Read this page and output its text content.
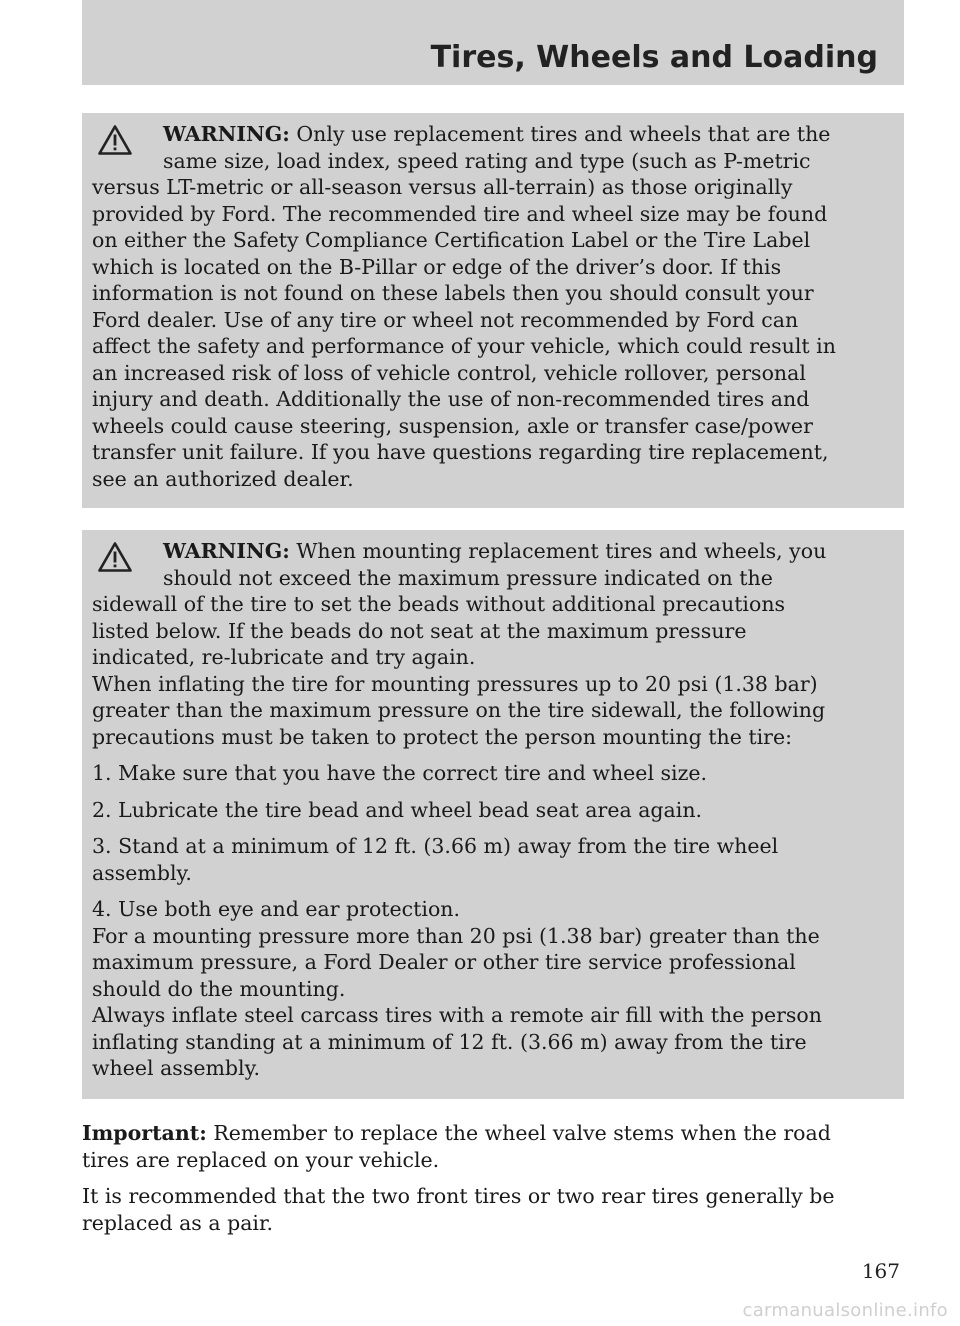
Tires, Wheels and Loading

WARNING: Only use replacement tires and wheels that are the

same size, load index, speed rating and type (such as P-metric

versus LT-metric or all-season versus all-terrain) as those originally

provided by Ford. The recommended tire and wheel size may be found

on either the Safety Compliance Certification Label or the Tire Label

which is located on the B-Pillar or edge of the driver’s door. If this

information is not found on these labels then you should consult your

Ford dealer. Use of any tire or wheel not recommended by Ford can

affect the safety and performance of your vehicle, which could result in

an increased risk of loss of vehicle control, vehicle rollover, personal

injury and death. Additionally the use of non-recommended tires and

wheels could cause steering, suspension, axle or transfer case/power

transfer unit failure. If you have questions regarding tire replacement,

see an authorized dealer.

WARNING: When mounting replacement tires and wheels, you

should not exceed the maximum pressure indicated on the

sidewall of the tire to set the beads without additional precautions

listed below. If the beads do not seat at the maximum pressure

indicated, re-lubricate and try again.

When inflating the tire for mounting pressures up to 20 psi (1.38 bar)

greater than the maximum pressure on the tire sidewall, the following

precautions must be taken to protect the person mounting the tire:

1. Make sure that you have the correct tire and wheel size.

2. Lubricate the tire bead and wheel bead seat area again.

3. Stand at a minimum of 12 ft. (3.66 m) away from the tire wheel

assembly.

4. Use both eye and ear protection.

For a mounting pressure more than 20 psi (1.38 bar) greater than the

maximum pressure, a Ford Dealer or other tire service professional

should do the mounting.

Always inflate steel carcass tires with a remote air fill with the person

inflating standing at a minimum of 12 ft. (3.66 m) away from the tire

wheel assembly.

Important: Remember to replace the wheel valve stems when the road

tires are replaced on your vehicle.

It is recommended that the two front tires or two rear tires generally be

replaced as a pair.

167
carmanualsonline.info
